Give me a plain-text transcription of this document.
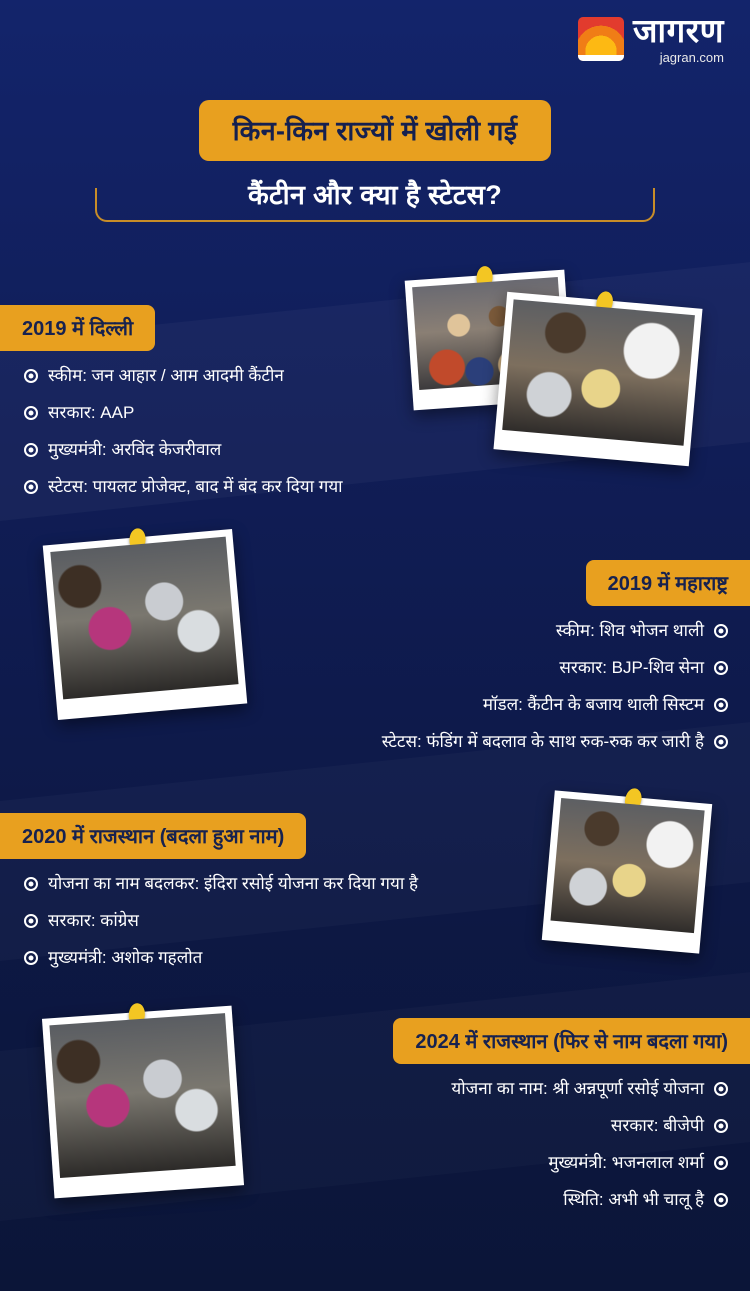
जागरण
jagran.com
किन-किन राज्यों में खोली गई
कैंटीन और क्या है स्टेटस?
2019 में दिल्ली
स्कीम: जन आहार / आम आदमी कैंटीन
सरकार: AAP
मुख्यमंत्री: अरविंद केजरीवाल
स्टेटस: पायलट प्रोजेक्ट, बाद में बंद कर दिया गया
2019 में महाराष्ट्र
स्कीम: शिव भोजन थाली
सरकार: BJP-शिव सेना
मॉडल: कैंटीन के बजाय थाली सिस्टम
स्टेटस: फंडिंग में बदलाव के साथ रुक-रुक कर जारी है
2020 में राजस्थान (बदला हुआ नाम)
योजना का नाम बदलकर: इंदिरा रसोई योजना कर दिया गया है
सरकार: कांग्रेस
मुख्यमंत्री: अशोक गहलोत
2024 में राजस्थान (फिर से नाम बदला गया)
योजना का नाम: श्री अन्नपूर्णा रसोई योजना
सरकार: बीजेपी
मुख्यमंत्री: भजनलाल शर्मा
स्थिति: अभी भी चालू है
